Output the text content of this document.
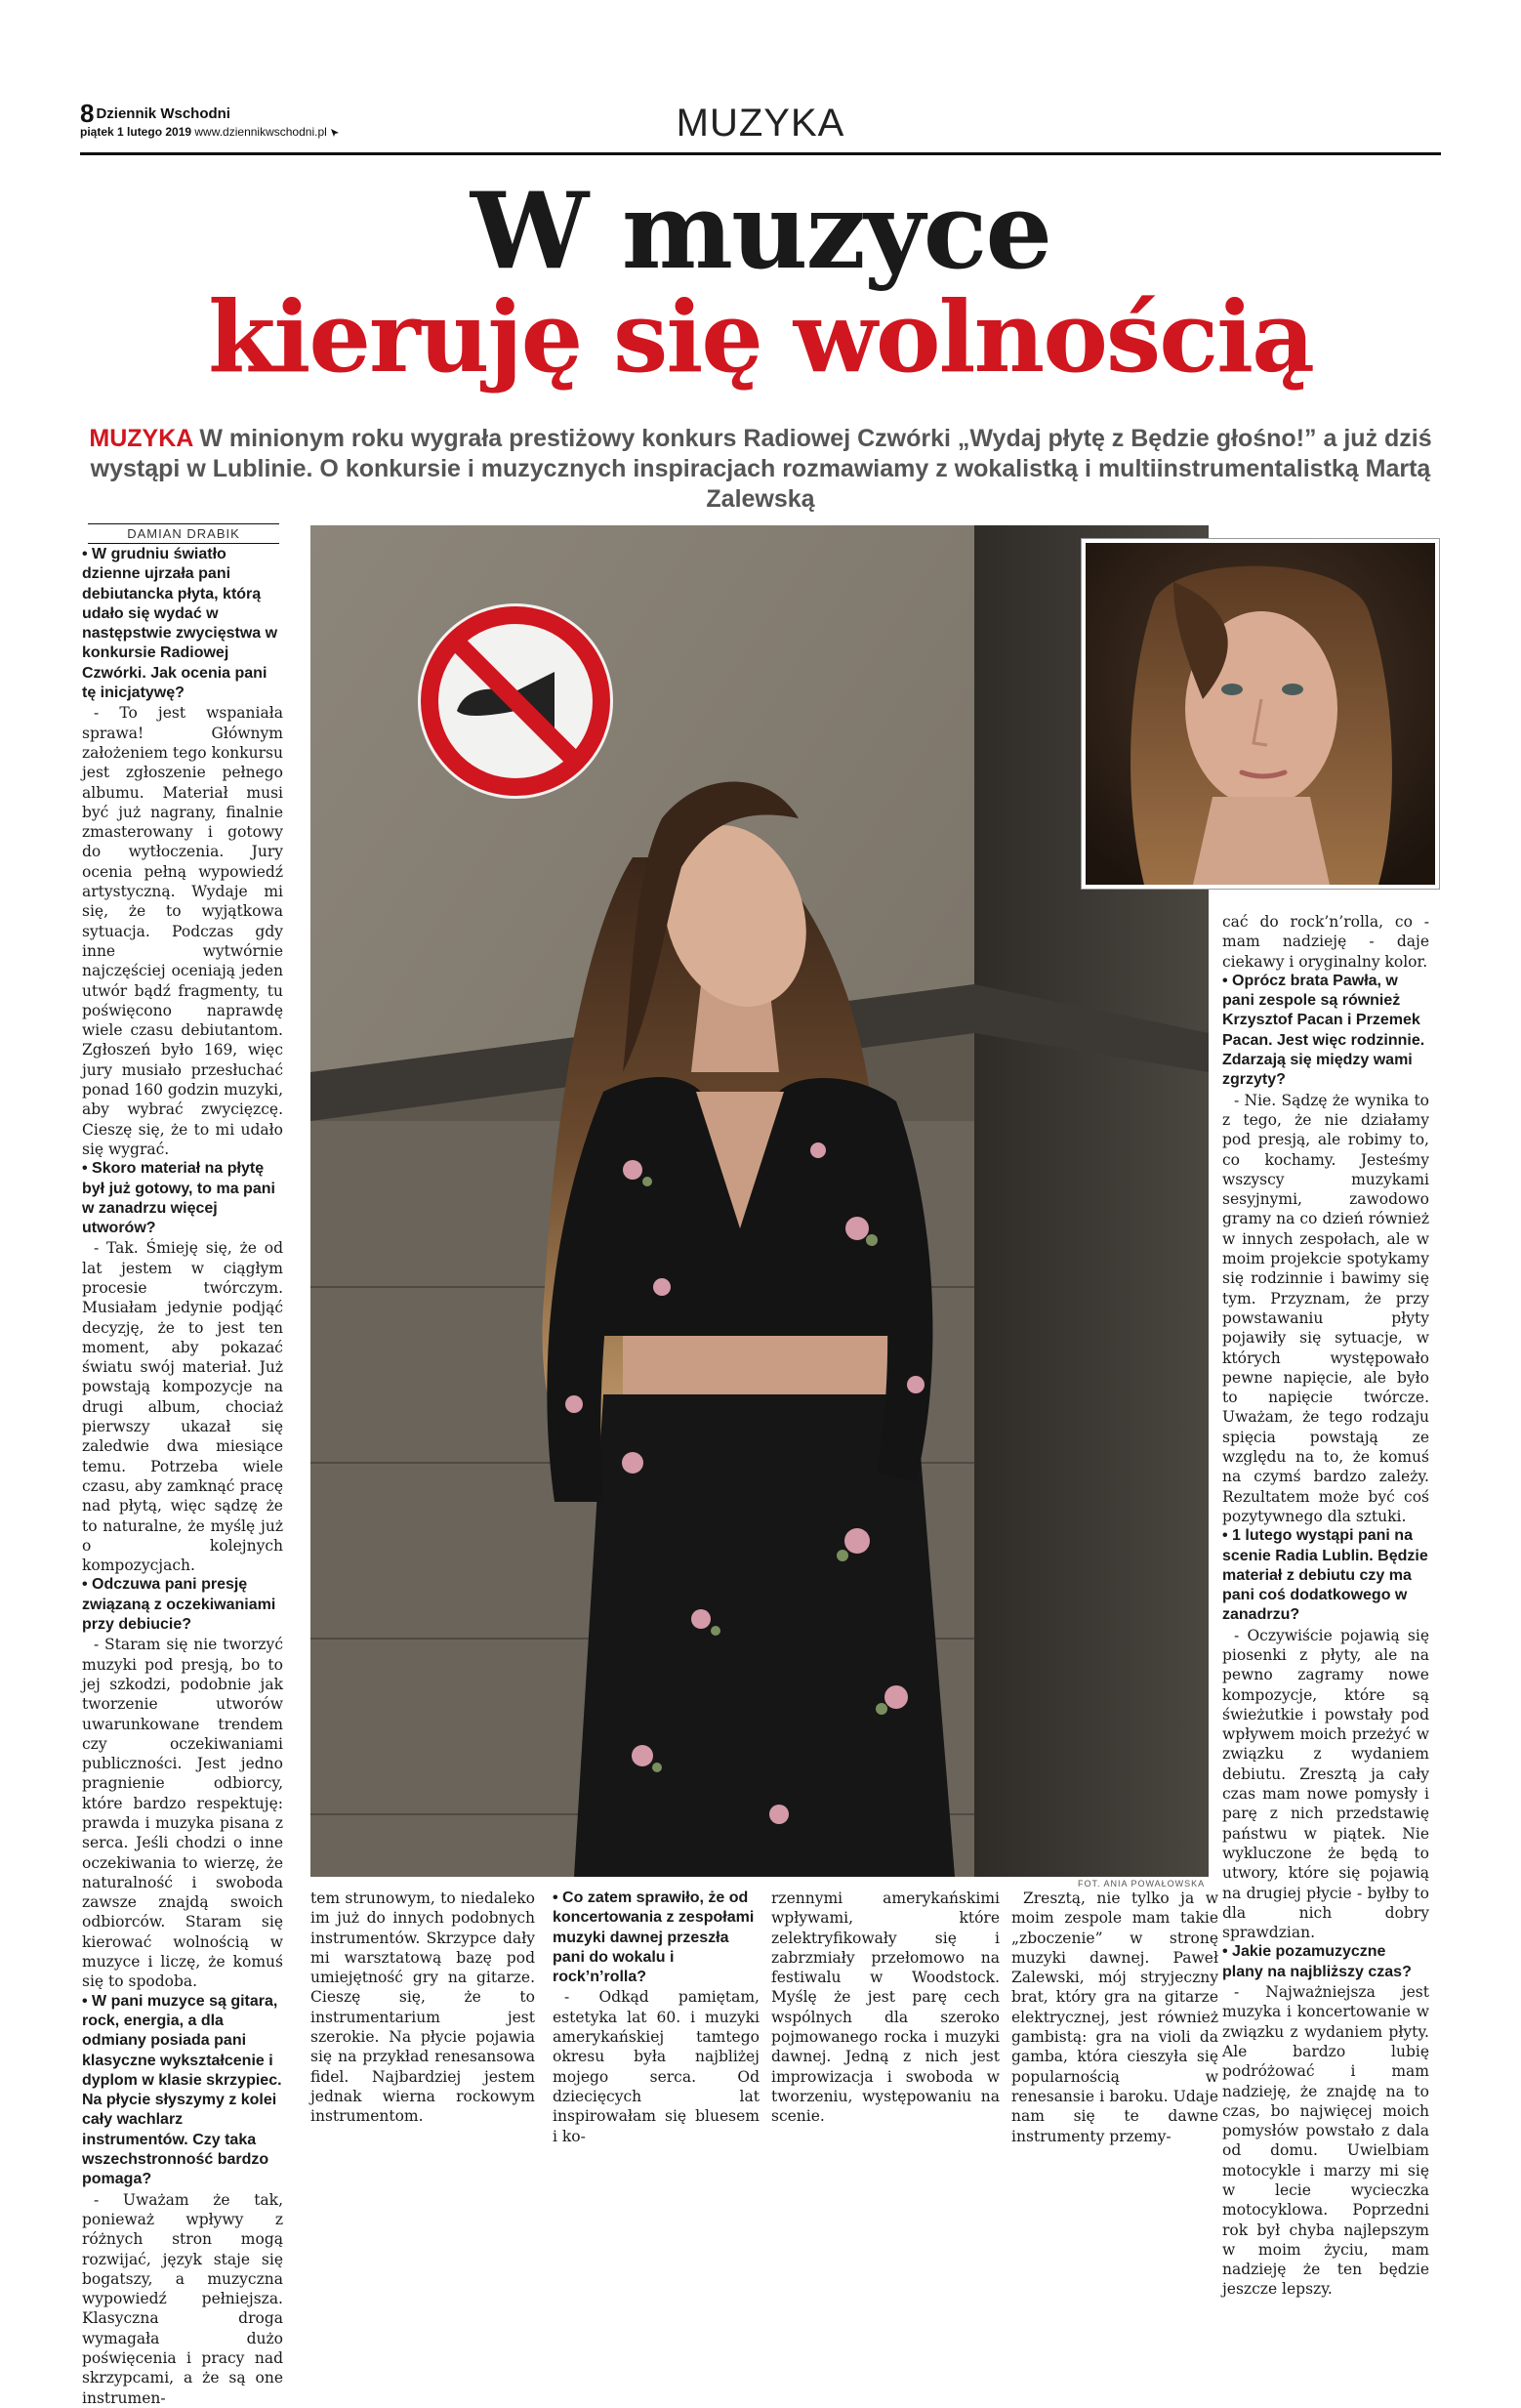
8 Dziennik Wschodni
piątek 1 lutego 2019 www.dziennikwschodni.pl	MUZYKA
W muzyce
kieruję się wolnością
MUZYKA W minionym roku wygrała prestiżowy konkurs Radiowej Czwórki „Wydaj płytę z Będzie głośno!” a już dziś wystąpi w Lublinie. O konkursie i muzycznych inspiracjach rozmawiamy z wokalistką i multiinstrumentalistką Martą Zalewską
DAMIAN DRABIK
FOT. ANIA POWAŁOWSKA

• W grudniu światło dzienne ujrzała pani debiutancka płyta, którą udało się wydać w następstwie zwycięstwa w konkursie Radiowej Czwórki. Jak ocenia pani tę inicjatywę?

- To jest wspaniała sprawa! Głównym założeniem tego konkursu jest zgłoszenie pełnego albumu. Materiał musi być już nagrany, finalnie zmasterowany i gotowy do wytłoczenia. Jury ocenia pełną wypowiedź artystyczną. Wydaje mi się, że to wyjątkowa sytuacja. Podczas gdy inne wytwórnie najczęściej oceniają jeden utwór bądź fragmenty, tu poświęcono naprawdę wiele czasu debiutantom. Zgłoszeń było 169, więc jury musiało przesłuchać ponad 160 godzin muzyki, aby wybrać zwycięzcę. Cieszę się, że to mi udało się wygrać.

• Skoro materiał na płytę był już gotowy, to ma pani w zanadrzu więcej utworów?

- Tak. Śmieję się, że od lat jestem w ciągłym procesie twórczym. Musiałam jedynie podjąć decyzję, że to jest ten moment, aby pokazać światu swój materiał. Już powstają kompozycje na drugi album, chociaż pierwszy ukazał się zaledwie dwa miesiące temu. Potrzeba wiele czasu, aby zamknąć pracę nad płytą, więc sądzę że to naturalne, że myślę już o kolejnych kompozycjach.

• Odczuwa pani presję związaną z oczekiwaniami przy debiucie?

- Staram się nie tworzyć muzyki pod presją, bo to jej szkodzi, podobnie jak tworzenie utworów uwarunkowane trendem czy oczekiwaniami publiczności. Jest jedno pragnienie odbiorcy, które bardzo respektuję: prawda i muzyka pisana z serca. Jeśli chodzi o inne oczekiwania to wierzę, że naturalność i swoboda zawsze znajdą swoich odbiorców. Staram się kierować wolnością w muzyce i liczę, że komuś się to spodoba.

• W pani muzyce są gitara, rock, energia, a dla odmiany posiada pani klasyczne wykształcenie i dyplom w klasie skrzypiec. Na płycie słyszymy z kolei cały wachlarz instrumentów. Czy taka wszechstronność bardzo pomaga?

- Uważam że tak, ponieważ wpływy z różnych stron mogą rozwijać, język staje się bogatszy, a muzyczna wypowiedź pełniejsza. Klasyczna droga wymagała dużo poświęcenia i pracy nad skrzypcami, a że są one instrumen-

tem strunowym, to niedaleko im już do innych podobnych instrumentów. Skrzypce dały mi warsztatową bazę pod umiejętność gry na gitarze. Cieszę się, że to instrumentarium jest szerokie. Na płycie pojawia się na przykład renesansowa fidel. Najbardziej jestem jednak wierna rockowym instrumentom.

• Co zatem sprawiło, że od koncertowania z zespołami muzyki dawnej przeszła pani do wokalu i rock’n’rolla?

- Odkąd pamiętam, estetyka lat 60. i muzyki amerykańskiej tamtego okresu była najbliżej mojego serca. Od dziecięcych lat inspirowałam się bluesem i ko-

rzennymi amerykańskimi wpływami, które zelektryfikowały się i zabrzmiały przełomowo na festiwalu w Woodstock. Myślę że jest parę cech wspólnych dla szeroko pojmowanego rocka i muzyki dawnej. Jedną z nich jest improwizacja i swoboda w tworzeniu, występowaniu na scenie.

Zresztą, nie tylko ja w moim zespole mam takie „zboczenie” w stronę muzyki dawnej. Paweł Zalewski, mój stryjeczny brat, który gra na gitarze elektrycznej, jest również gambistą: gra na violi da gamba, która cieszyła się popularnością w renesansie i baroku. Udaje nam się te dawne instrumenty przemy-

cać do rock’n’rolla, co - mam nadzieję - daje ciekawy i oryginalny kolor.

• Oprócz brata Pawła, w pani zespole są również Krzysztof Pacan i Przemek Pacan. Jest więc rodzinnie. Zdarzają się między wami zgrzyty?

- Nie. Sądzę że wynika to z tego, że nie działamy pod presją, ale robimy to, co kochamy. Jesteśmy wszyscy muzykami sesyjnymi, zawodowo gramy na co dzień również w innych zespołach, ale w moim projekcie spotykamy się rodzinnie i bawimy się tym. Przyznam, że przy powstawaniu płyty pojawiły się sytuacje, w których występowało pewne napięcie, ale było to napięcie twórcze. Uważam, że tego rodzaju spięcia powstają ze względu na to, że komuś na czymś bardzo zależy. Rezultatem może być coś pozytywnego dla sztuki.

• 1 lutego wystąpi pani na scenie Radia Lublin. Będzie materiał z debiutu czy ma pani coś dodatkowego w zanadrzu?

- Oczywiście pojawią się piosenki z płyty, ale na pewno zagramy nowe kompozycje, które są świeżutkie i powstały pod wpływem moich przeżyć w związku z wydaniem debiutu. Zresztą ja cały czas mam nowe pomysły i parę z nich przedstawię państwu w piątek. Nie wykluczone że będą to utwory, które się pojawią na drugiej płycie - byłby to dla nich dobry sprawdzian.

• Jakie pozamuzyczne plany na najbliższy czas?

- Najważniejsza jest muzyka i koncertowanie w związku z wydaniem płyty. Ale bardzo lubię podróżować i mam nadzieję, że znajdę na to czas, bo najwięcej moich pomysłów powstało z dala od domu. Uwielbiam motocykle i marzy mi się w lecie wycieczka motocyklowa. Poprzedni rok był chyba najlepszym w moim życiu, mam nadzieję że ten będzie jeszcze lepszy.
